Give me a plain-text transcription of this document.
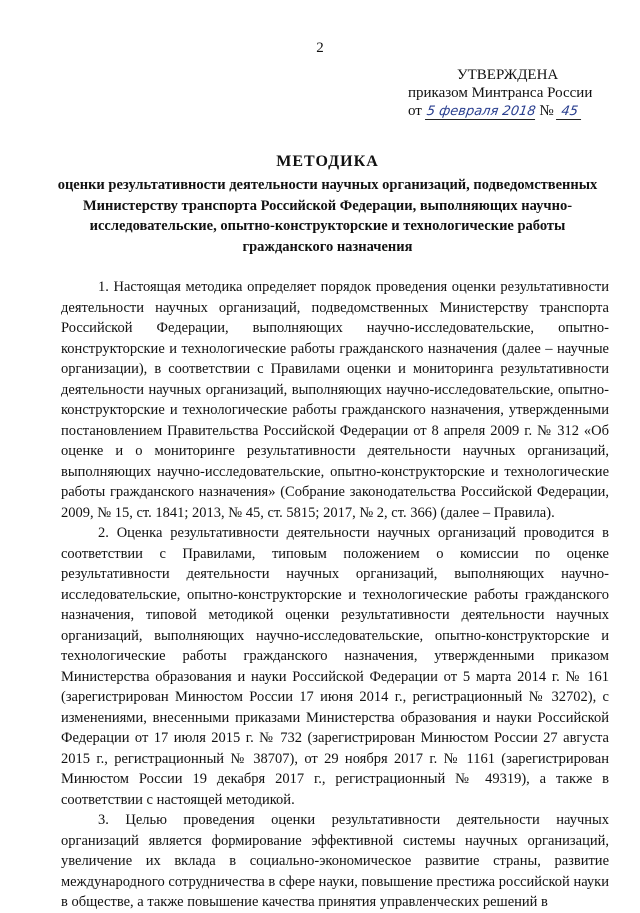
2
УТВЕРЖДЕНА
приказом Минтранса России
от 5 февраля 2018 № 45
МЕТОДИКА
оценки результативности деятельности научных организаций, подведомственных Министерству транспорта Российской Федерации, выполняющих научно-исследовательские, опытно-конструкторские и технологические работы гражданского назначения

1. Настоящая методика определяет порядок проведения оценки результативности деятельности научных организаций, подведомственных Министерству транспорта Российской Федерации, выполняющих научно-исследовательские, опытно-конструкторские и технологические работы гражданского назначения (далее – научные организации), в соответствии с Правилами оценки и мониторинга результативности деятельности научных организаций, выполняющих научно-исследовательские, опытно-конструкторские и технологические работы гражданского назначения, утвержденными постановлением Правительства Российской Федерации от 8 апреля 2009 г. № 312 «Об оценке и о мониторинге результативности деятельности научных организаций, выполняющих научно-исследовательские, опытно-конструкторские и технологические работы гражданского назначения» (Собрание законодательства Российской Федерации, 2009, № 15, ст. 1841; 2013, № 45, ст. 5815; 2017, № 2, ст. 366) (далее – Правила).

2. Оценка результативности деятельности научных организаций проводится в соответствии с Правилами, типовым положением о комиссии по оценке результативности деятельности научных организаций, выполняющих научно-исследовательские, опытно-конструкторские и технологические работы гражданского назначения, типовой методикой оценки результативности деятельности научных организаций, выполняющих научно-исследовательские, опытно-конструкторские и технологические работы гражданского назначения, утвержденными приказом Министерства образования и науки Российской Федерации от 5 марта 2014 г. № 161 (зарегистрирован Минюстом России 17 июня 2014 г., регистрационный № 32702), с изменениями, внесенными приказами Министерства образования и науки Российской Федерации от 17 июля 2015 г. № 732 (зарегистрирован Минюстом России 27 августа 2015 г., регистрационный № 38707), от 29 ноября 2017 г. № 1161 (зарегистрирован Минюстом России 19 декабря 2017 г., регистрационный № 49319), а также в соответствии с настоящей методикой.

3. Целью проведения оценки результативности деятельности научных организаций является формирование эффективной системы научных организаций, увеличение их вклада в социально-экономическое развитие страны, развитие международного сотрудничества в сфере науки, повышение престижа российской науки в обществе, а также повышение качества принятия управленческих решений в
